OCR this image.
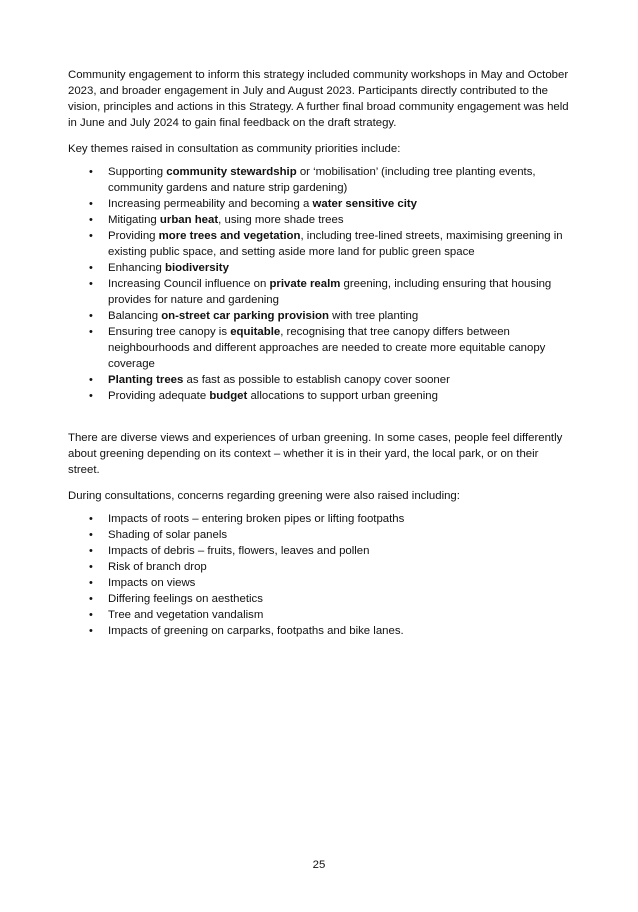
Community engagement to inform this strategy included community workshops in May and October 2023, and broader engagement in July and August 2023. Participants directly contributed to the vision, principles and actions in this Strategy. A further final broad community engagement was held in June and July 2024 to gain final feedback on the draft strategy.

Key themes raised in consultation as community priorities include:

• Supporting community stewardship or ‘mobilisation’ (including tree planting events, community gardens and nature strip gardening)
• Increasing permeability and becoming a water sensitive city
• Mitigating urban heat, using more shade trees
• Providing more trees and vegetation, including tree-lined streets, maximising greening in existing public space, and setting aside more land for public green space
• Enhancing biodiversity
• Increasing Council influence on private realm greening, including ensuring that housing provides for nature and gardening
• Balancing on-street car parking provision with tree planting
• Ensuring tree canopy is equitable, recognising that tree canopy differs between neighbourhoods and different approaches are needed to create more equitable canopy coverage
• Planting trees as fast as possible to establish canopy cover sooner
• Providing adequate budget allocations to support urban greening

There are diverse views and experiences of urban greening. In some cases, people feel differently about greening depending on its context – whether it is in their yard, the local park, or on their street.

During consultations, concerns regarding greening were also raised including:

• Impacts of roots – entering broken pipes or lifting footpaths
• Shading of solar panels
• Impacts of debris – fruits, flowers, leaves and pollen
• Risk of branch drop
• Impacts on views
• Differing feelings on aesthetics
• Tree and vegetation vandalism
• Impacts of greening on carparks, footpaths and bike lanes.
25
